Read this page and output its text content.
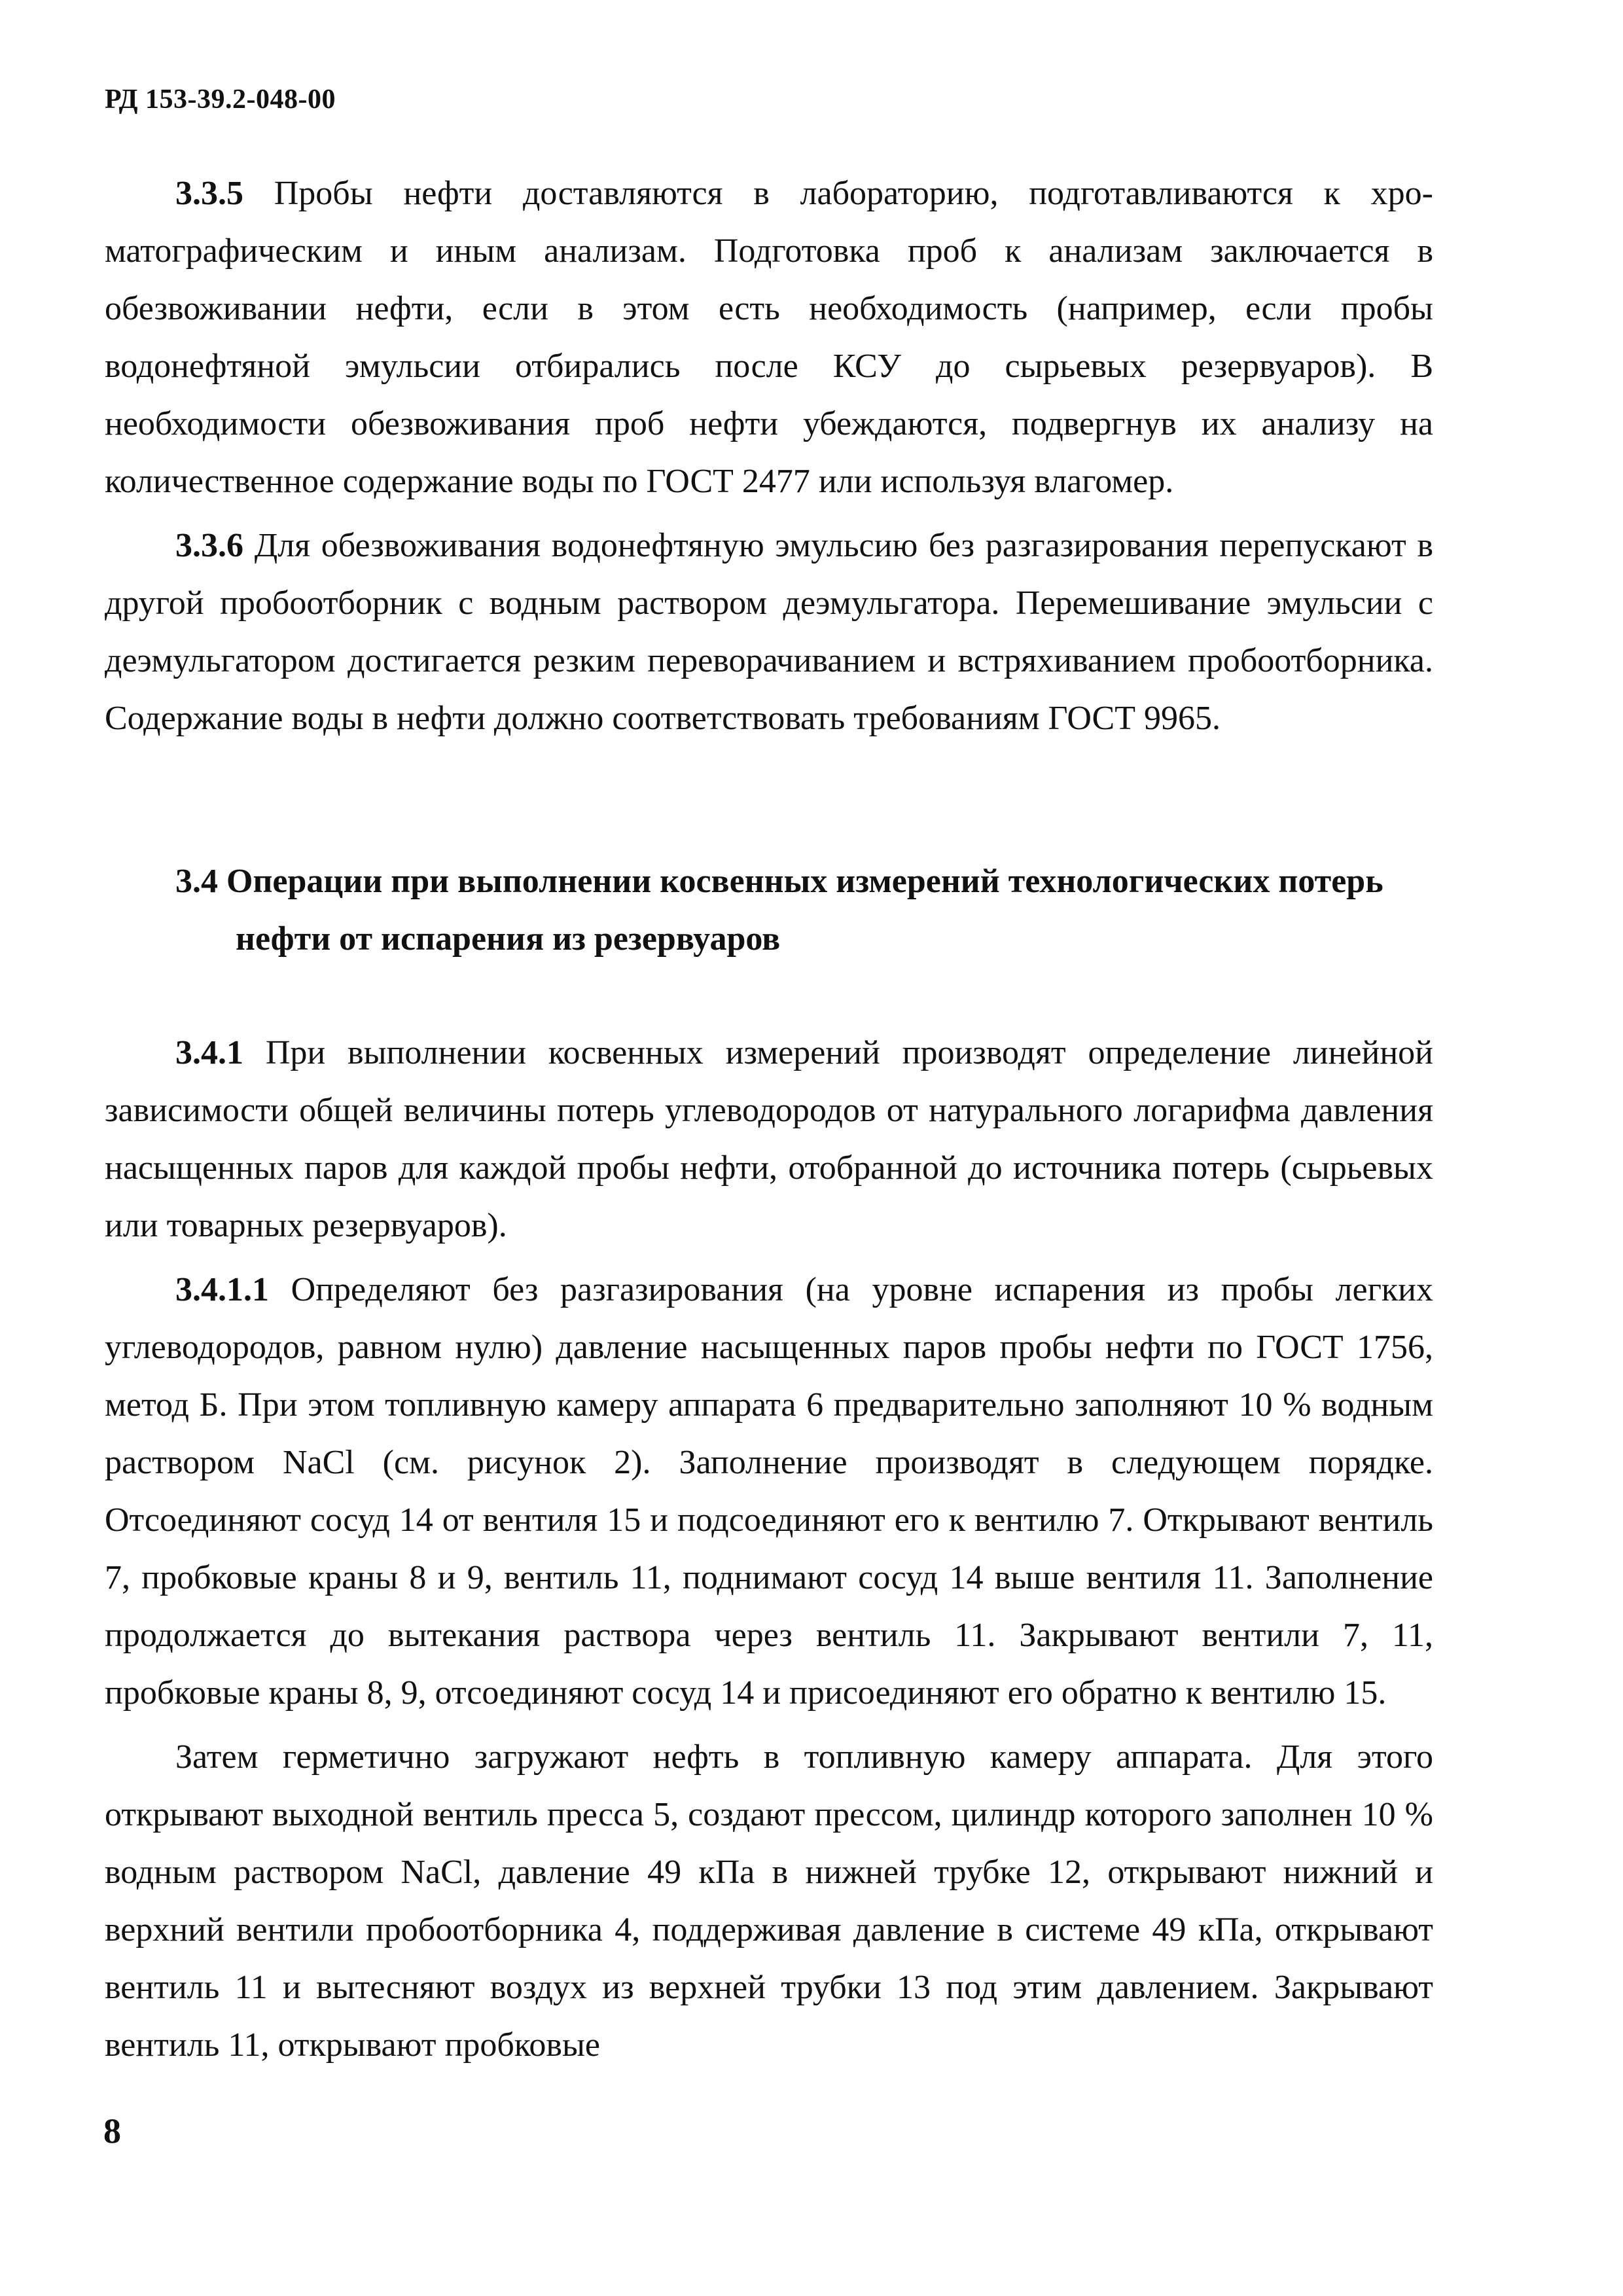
РД 153-39.2-048-00

3.3.5 Пробы нефти доставляются в лабораторию, подготавливаются к хроматографическим и иным анализам. Подготовка проб к анализам заключается в обезвоживании нефти, если в этом есть необходимость (например, если пробы водонефтяной эмульсии отбирались после КСУ до сырьевых резервуаров). В необходимости обезвоживания проб нефти убеждаются, подвергнув их анализу на количественное содержание воды по ГОСТ 2477 или используя влагомер.

3.3.6 Для обезвоживания водонефтяную эмульсию без разгазирования перепускают в другой пробоотборник с водным раствором деэмульгатора. Перемешивание эмульсии с деэмульгатором достигается резким переворачиванием и встряхиванием пробоотборника. Содержание воды в нефти должно соответствовать требованиям ГОСТ 9965.

3.4 Операции при выполнении косвенных измерений технологических потерь нефти от испарения из резервуаров

3.4.1 При выполнении косвенных измерений производят определение линейной зависимости общей величины потерь углеводородов от натурального логарифма давления насыщенных паров для каждой пробы нефти, отобранной до источника потерь (сырьевых или товарных резервуаров).

3.4.1.1 Определяют без разгазирования (на уровне испарения из пробы легких углеводородов, равном нулю) давление насыщенных паров пробы нефти по ГОСТ 1756, метод Б. При этом топливную камеру аппарата 6 предварительно заполняют 10 % водным раствором NaCl (см. рисунок 2). Заполнение производят в следующем порядке. Отсоединяют сосуд 14 от вентиля 15 и подсоединяют его к вентилю 7. Открывают вентиль 7, пробковые краны 8 и 9, вентиль 11, поднимают сосуд 14 выше вентиля 11. Заполнение продолжается до вытекания раствора через вентиль 11. Закрывают вентили 7, 11, пробковые краны 8, 9, отсоединяют сосуд 14 и присоединяют его обратно к вентилю 15.

Затем герметично загружают нефть в топливную камеру аппарата. Для этого открывают выходной вентиль пресса 5, создают прессом, цилиндр которого заполнен 10 % водным раствором NaCl, давление 49 кПа в нижней трубке 12, открывают нижний и верхний вентили пробоотборника 4, поддерживая давление в системе 49 кПа, открывают вентиль 11 и вытесняют воздух из верхней трубки 13 под этим давлением. Закрывают вентиль 11, открывают пробковые

8
